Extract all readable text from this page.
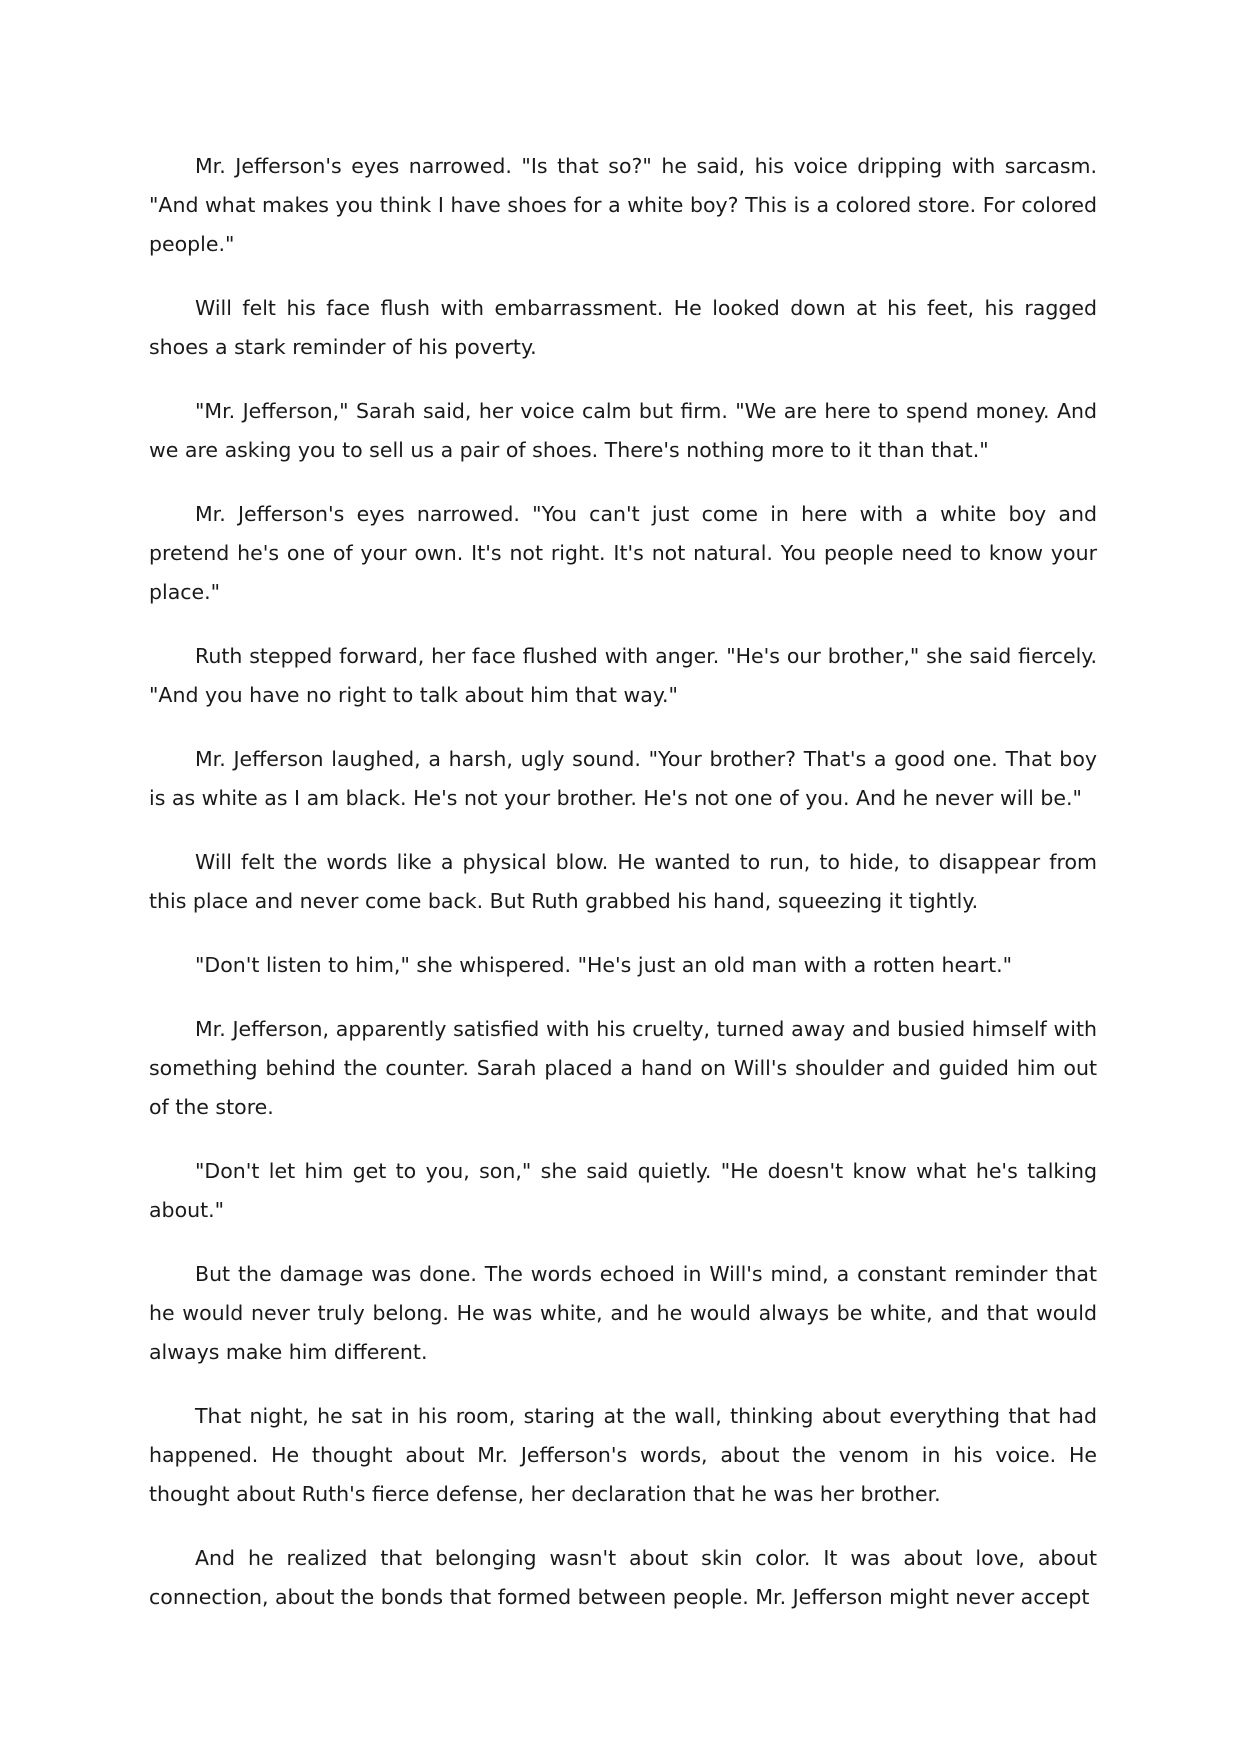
Mr. Jefferson's eyes narrowed. "Is that so?" he said, his voice dripping with sarcasm. "And what makes you think I have shoes for a white boy? This is a colored store. For colored people."

Will felt his face flush with embarrassment. He looked down at his feet, his ragged shoes a stark reminder of his poverty.

"Mr. Jefferson," Sarah said, her voice calm but firm. "We are here to spend money. And we are asking you to sell us a pair of shoes. There's nothing more to it than that."

Mr. Jefferson's eyes narrowed. "You can't just come in here with a white boy and pretend he's one of your own. It's not right. It's not natural. You people need to know your place."

Ruth stepped forward, her face flushed with anger. "He's our brother," she said fiercely. "And you have no right to talk about him that way."

Mr. Jefferson laughed, a harsh, ugly sound. "Your brother? That's a good one. That boy is as white as I am black. He's not your brother. He's not one of you. And he never will be."

Will felt the words like a physical blow. He wanted to run, to hide, to disappear from this place and never come back. But Ruth grabbed his hand, squeezing it tightly.

"Don't listen to him," she whispered. "He's just an old man with a rotten heart."

Mr. Jefferson, apparently satisfied with his cruelty, turned away and busied himself with something behind the counter. Sarah placed a hand on Will's shoulder and guided him out of the store.

"Don't let him get to you, son," she said quietly. "He doesn't know what he's talking about."

But the damage was done. The words echoed in Will's mind, a constant reminder that he would never truly belong. He was white, and he would always be white, and that would always make him different.

That night, he sat in his room, staring at the wall, thinking about everything that had happened. He thought about Mr. Jefferson's words, about the venom in his voice. He thought about Ruth's fierce defense, her declaration that he was her brother.

And he realized that belonging wasn't about skin color. It was about love, about connection, about the bonds that formed between people. Mr. Jefferson might never accept
